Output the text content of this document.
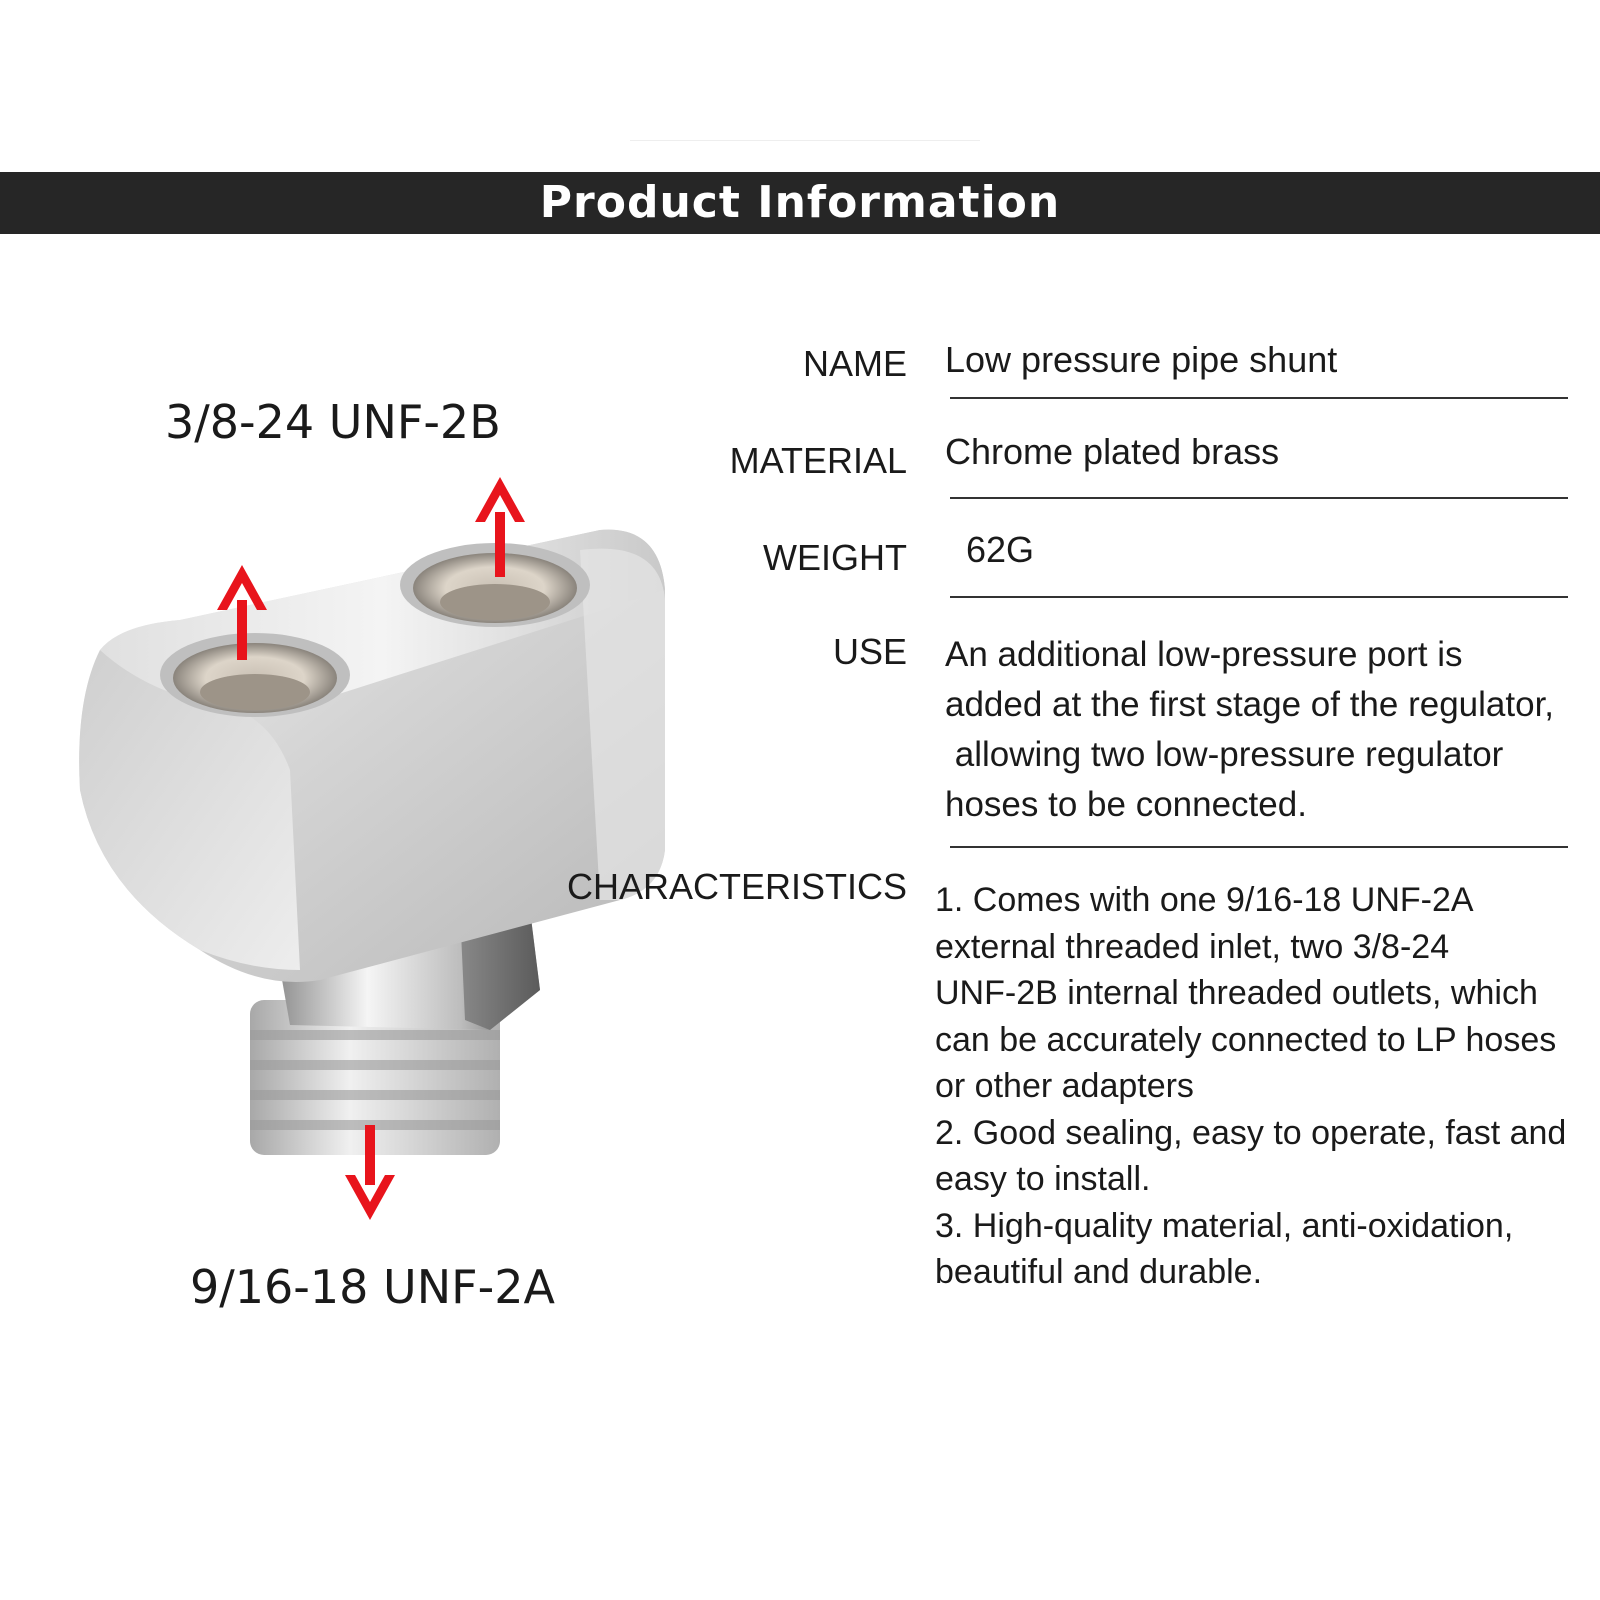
Product Information
3/8-24 UNF-2B
9/16-18 UNF-2A
NAME Low pressure pipe shunt
MATERIAL Chrome plated brass
WEIGHT 62G
USE An additional low-pressure port is
added at the first stage of the regulator,
allowing two low-pressure regulator
hoses to be connected.
CHARACTERISTICS 1. Comes with one 9/16-18 UNF-2A
external threaded inlet, two 3/8-24
UNF-2B internal threaded outlets, which
can be accurately connected to LP hoses
or other adapters
2. Good sealing, easy to operate, fast and
easy to install.
3. High-quality material, anti-oxidation,
beautiful and durable.
